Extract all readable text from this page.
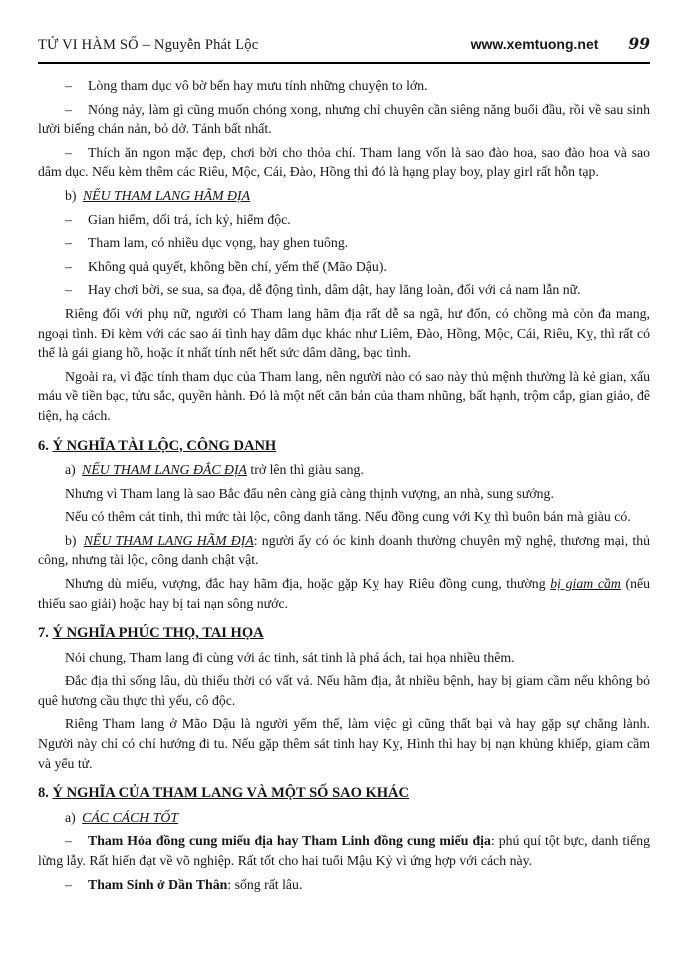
TỬ VI HÀM SỐ – Nguyễn Phát Lộc	www.xemtuong.net 99

– Lòng tham dục vô bờ bến hay mưu tính những chuyện to lớn.

– Nóng nảy, làm gì cũng muốn chóng xong, nhưng chỉ chuyên cần siêng năng buổi đầu, rồi về sau sinh lười biếng chán nản, bỏ dở. Tánh bất nhất.

– Thích ăn ngon mặc đẹp, chơi bời cho thỏa chí. Tham lang vốn là sao đào hoa, sao đào hoa và sao dâm dục. Nếu kèm thêm các Riêu, Mộc, Cái, Đào, Hồng thì đó là hạng play boy, play girl rất hỗn tạp.

b) NẾU THAM LANG HÃM ĐỊA

– Gian hiểm, dối trá, ích kỷ, hiểm độc.

– Tham lam, có nhiều dục vọng, hay ghen tuông.

– Không quả quyết, không bền chí, yếm thế (Mão Dậu).

– Hay chơi bời, se sua, sa đọa, dễ động tình, dâm dật, hay lăng loàn, đối với cả nam lẫn nữ.

Riêng đối với phụ nữ, người có Tham lang hãm địa rất dễ sa ngã, hư đốn, có chồng mà còn đa mang, ngoại tình. Đi kèm với các sao ái tình hay dâm dục khác như Liêm, Đào, Hồng, Mộc, Cái, Riêu, Kỵ, thì rất có thể là gái giang hồ, hoặc ít nhất tính nết hết sức dâm dãng, bạc tình.

Ngoài ra, vì đặc tính tham dục của Tham lang, nên người nào có sao này thủ mệnh thường là kẻ gian, xấu máu về tiền bạc, tửu sắc, quyền hành. Đó là một nết căn bản của tham nhũng, bất hạnh, trộm cắp, gian giảo, đê tiện, hạ cách.

6. Ý NGHĨA TÀI LỘC, CÔNG DANH

a) NẾU THAM LANG ĐẮC ĐỊA trở lên thì giàu sang.

Nhưng vì Tham lang là sao Bắc đẩu nên càng già càng thịnh vượng, an nhà, sung sướng.

Nếu có thêm cát tinh, thì mức tài lộc, công danh tăng. Nếu đồng cung với Kỵ thì buôn bán mà giàu có.

b) NẾU THAM LANG HÃM ĐỊA: người ấy có óc kinh doanh thường chuyên mỹ nghệ, thương mại, thủ công, nhưng tài lộc, công danh chật vật.

Nhưng dù miếu, vượng, đắc hay hãm địa, hoặc gặp Kỵ hay Riêu đồng cung, thường bị giam cầm (nếu thiếu sao giải) hoặc hay bị tai nạn sông nước.

7. Ý NGHĨA PHÚC THỌ, TAI HỌA

Nói chung, Tham lang đi cùng với ác tinh, sát tinh là phá ách, tai họa nhiều thêm.

Đắc địa thì sống lâu, dù thiếu thời có vất vả. Nếu hãm địa, ắt nhiều bệnh, hay bị giam cầm nếu không bỏ quê hương cầu thực thì yếu, cô độc.

Riêng Tham lang ở Mão Dậu là người yếm thế, làm việc gì cũng thất bại và hay gặp sự chẳng lành. Người này chỉ có chí hướng đi tu. Nếu gặp thêm sát tinh hay Kỵ, Hình thì hay bị nạn khủng khiếp, giam cầm và yểu tử.

8. Ý NGHĨA CỦA THAM LANG VÀ MỘT SỐ SAO KHÁC

a) CÁC CÁCH TỐT

– Tham Hỏa đồng cung miếu địa hay Tham Linh đồng cung miếu địa: phú quí tột bực, danh tiếng lừng lẫy. Rất hiển đạt về võ nghiệp. Rất tốt cho hai tuổi Mậu Kỷ vì ứng hợp với cách này.

– Tham Sinh ở Dần Thân: sống rất lâu.
